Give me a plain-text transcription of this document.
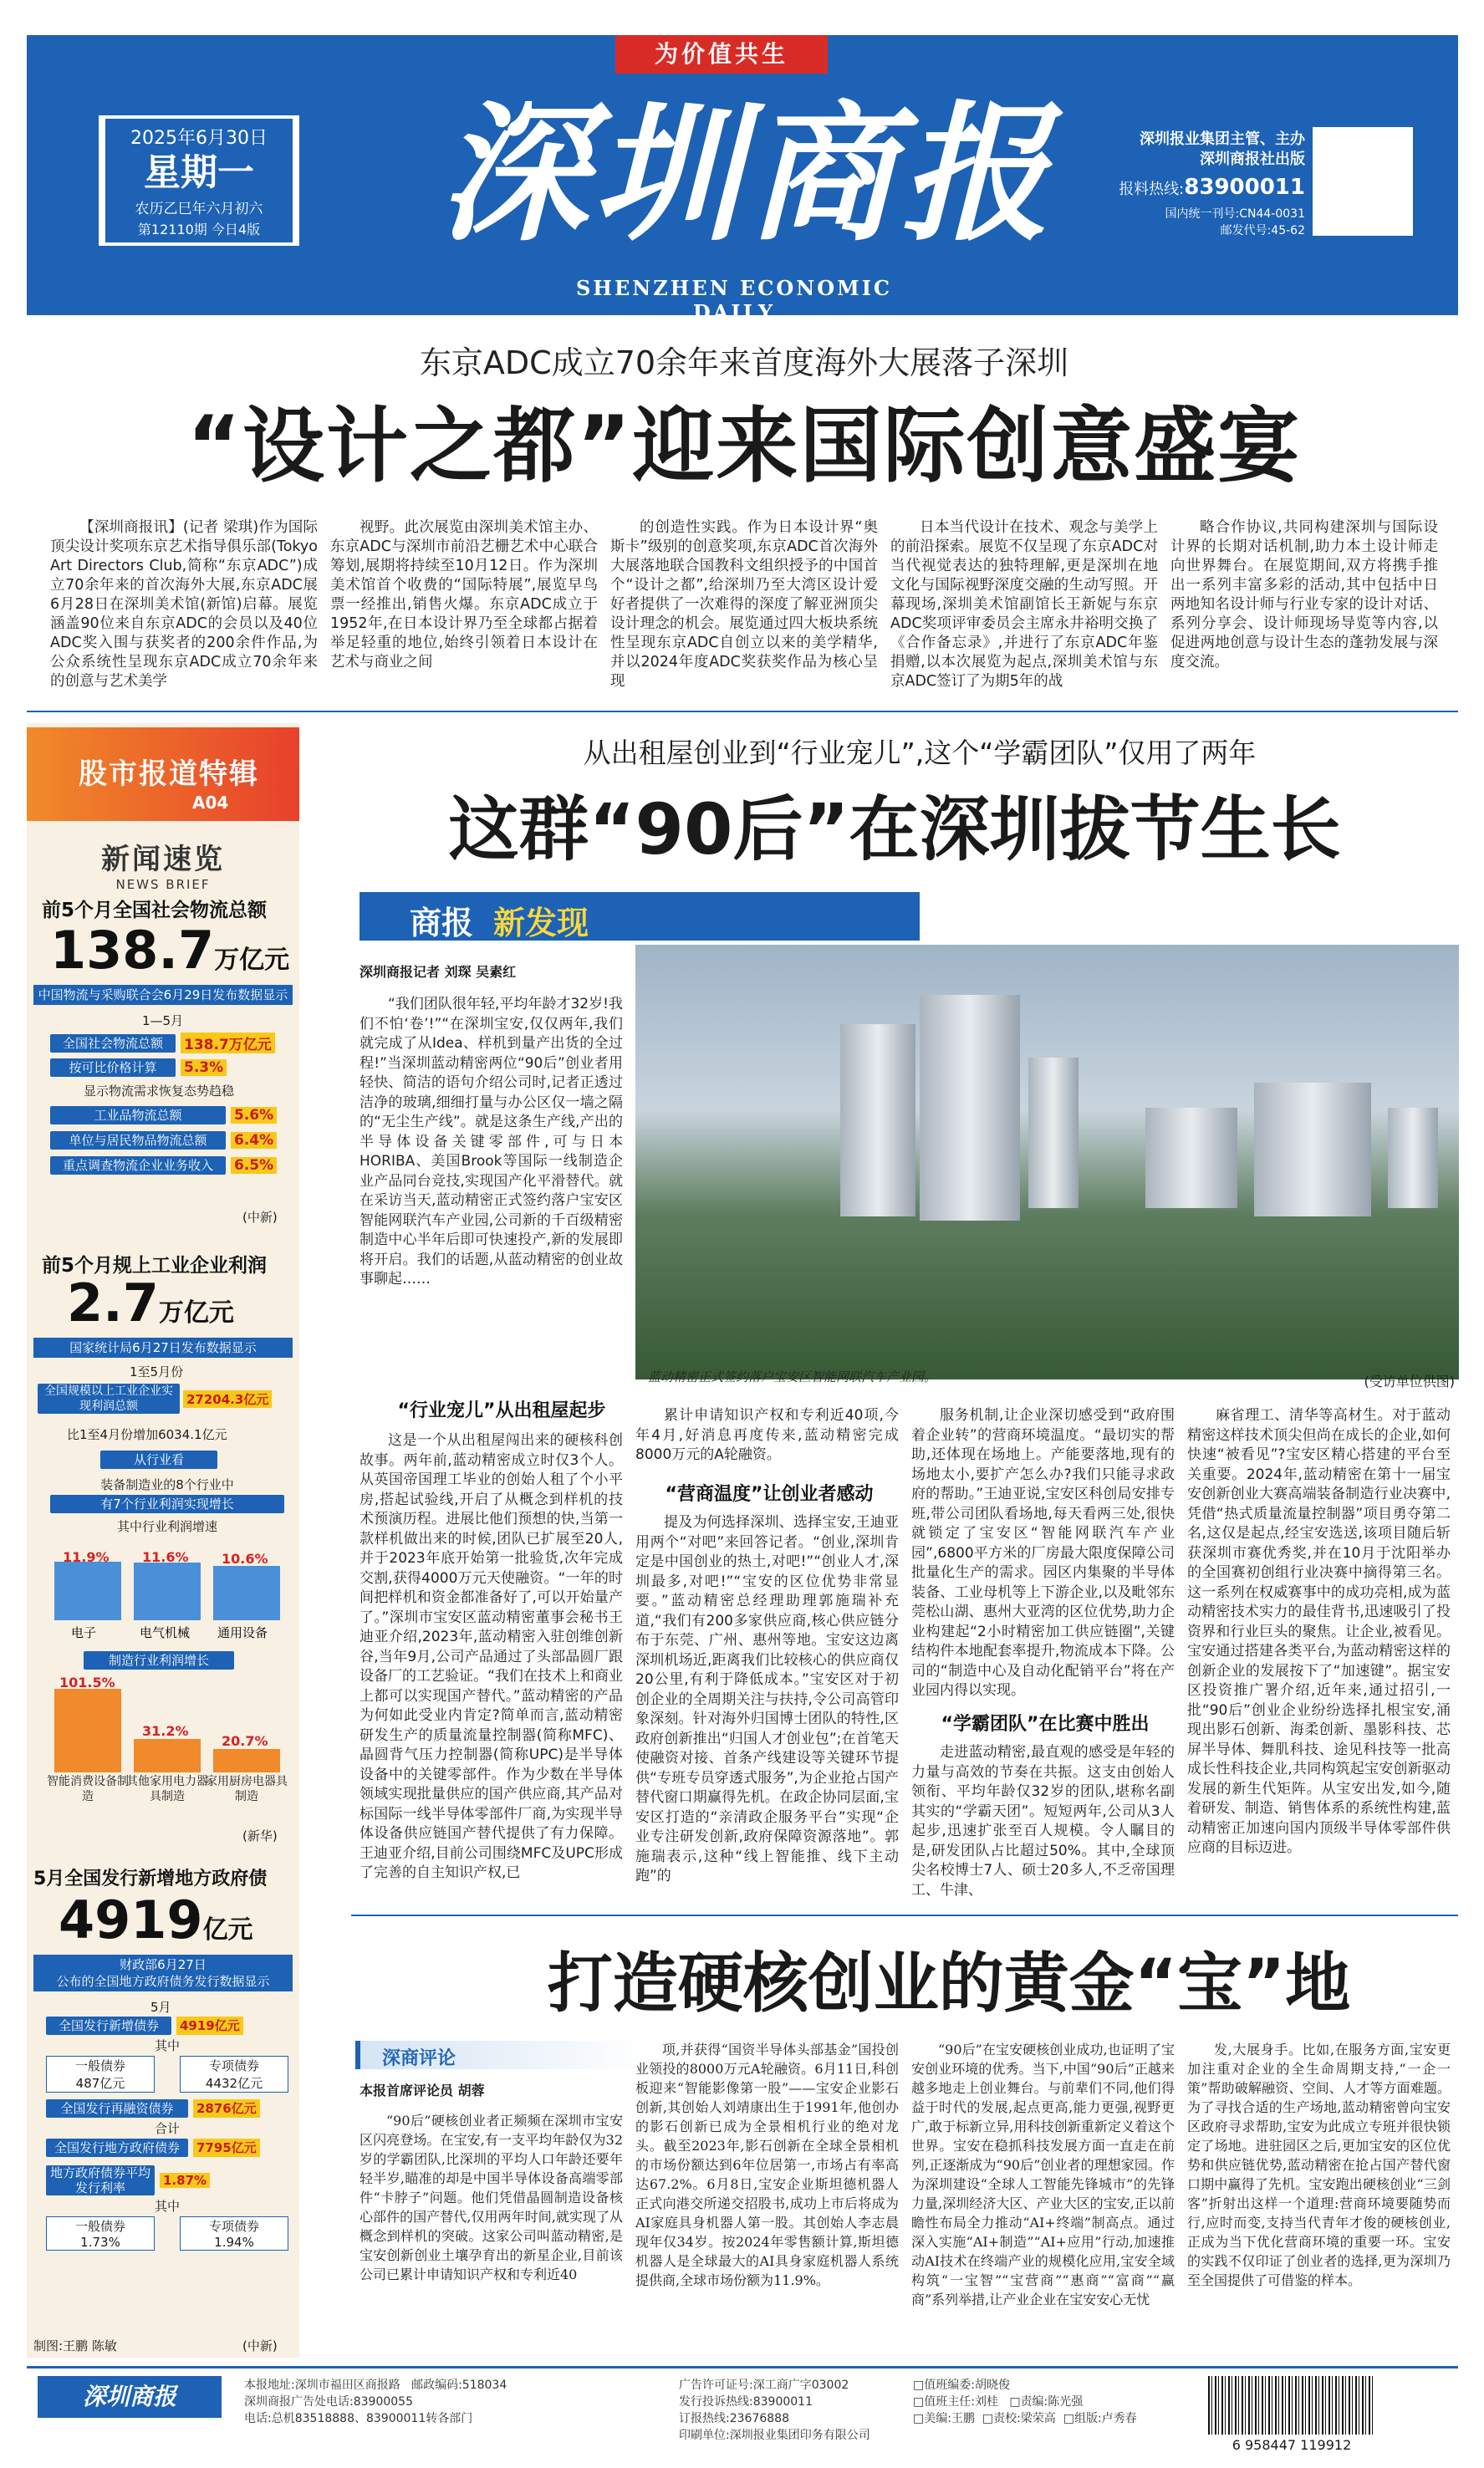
为价值共生
2025年6月30日
星期一
农历乙巳年六月初六
第12110期 今日4版 深圳商报
SHENZHEN ECONOMIC DAILY
深圳报业集团主管、主办
深圳商报社出版
报料热线:83900011
国内统一刊号:CN44-0031
邮发代号:45-62
东京ADC成立70余年来首度海外大展落子深圳
“设计之都”迎来国际创意盛宴

【深圳商报讯】(记者 梁琪)作为国际顶尖设计奖项东京艺术指导俱乐部(Tokyo Art Directors Club,简称“东京ADC”)成立70余年来的首次海外大展,东京ADC展6月28日在深圳美术馆(新馆)启幕。展览涵盖90位来自东京ADC的会员以及40位ADC奖入围与获奖者的200余件作品,为公众系统性呈现东京ADC成立70余年来的创意与艺术美学

视野。此次展览由深圳美术馆主办、东京ADC与深圳市前沿艺栅艺术中心联合筹划,展期将持续至10月12日。作为深圳美术馆首个收费的“国际特展”,展览早鸟票一经推出,销售火爆。东京ADC成立于1952年,在日本设计界乃至全球都占据着举足轻重的地位,始终引领着日本设计在艺术与商业之间

的创造性实践。作为日本设计界“奥斯卡”级别的创意奖项,东京ADC首次海外大展落地联合国教科文组织授予的中国首个“设计之都”,给深圳乃至大湾区设计爱好者提供了一次难得的深度了解亚洲顶尖设计理念的机会。展览通过四大板块系统性呈现东京ADC自创立以来的美学精华,并以2024年度ADC奖获奖作品为核心呈现

日本当代设计在技术、观念与美学上的前沿探索。展览不仅呈现了东京ADC对当代视觉表达的独特理解,更是深圳在地文化与国际视野深度交融的生动写照。开幕现场,深圳美术馆副馆长王新妮与东京ADC奖项评审委员会主席永井裕明交换了《合作备忘录》,并进行了东京ADC年鉴捐赠,以本次展览为起点,深圳美术馆与东京ADC签订了为期5年的战

略合作协议,共同构建深圳与国际设计界的长期对话机制,助力本土设计师走向世界舞台。在展览期间,双方将携手推出一系列丰富多彩的活动,其中包括中日两地知名设计师与行业专家的设计对话、系列分享会、设计师现场导览等内容,以促进两地创意与设计生态的蓬勃发展与深度交流。

股市报道特辑
A04
新闻速览
NEWS BRIEF
前5个月全国社会物流总额
138.7万亿元
中国物流与采购联合会6月29日发布数据显示
1—5月
全国社会物流总额	138.7万亿元
按可比价格计算	5.3%
显示物流需求恢复态势趋稳
工业品物流总额	5.6%
单位与居民物品物流总额	6.4%
重点调查物流企业业务收入	6.5%
(中新)
前5个月规上工业企业利润
2.7万亿元
国家统计局6月27日发布数据显示
1至5月份
全国规模以上工业企业实现利润总额	27204.3亿元
比1至4月份增加6034.1亿元
从行业看
装备制造业的8个行业中
有7个行业利润实现增长
其中行业利润增速
11.9%
电子
11.6%
电气机械
10.6%
通用设备
制造行业利润增长
101.5%
智能消费设备制造
31.2%
其他家用电力器具制造
20.7%
家用厨房电器具制造
(新华)
5月全国发行新增地方政府债
4919亿元
财政部6月27日
公布的全国地方政府债务发行数据显示
5月
全国发行新增债券	4919亿元
其中
一般债券
487亿元
专项债券
4432亿元
全国发行再融资债券	2876亿元
合计
全国发行地方政府债券	7795亿元
地方政府债券平均发行利率	1.87%
其中
一般债券
1.73%
专项债券
1.94%
制图:王鹏 陈敏	(中新)
从出租屋创业到“行业宠儿”,这个“学霸团队”仅用了两年
这群“90后”在深圳拔节生长
商报 新发现
深圳商报记者 刘琛 吴素红

“我们团队很年轻,平均年龄才32岁!我们不怕‘卷’!”“在深圳宝安,仅仅两年,我们就完成了从Idea、样机到量产出货的全过程!”当深圳蓝动精密两位“90后”创业者用轻快、简洁的语句介绍公司时,记者正透过洁净的玻璃,细细打量与办公区仅一墙之隔的“无尘生产线”。就是这条生产线,产出的半导体设备关键零部件,可与日本HORIBA、美国Brook等国际一线制造企业产品同台竞技,实现国产化平滑替代。就在采访当天,蓝动精密正式签约落户宝安区智能网联汽车产业园,公司新的千百级精密制造中心半年后即可快速投产,新的发展即将开启。我们的话题,从蓝动精密的创业故事聊起……

蓝动精密正式签约落户宝安区智能网联汽车产业园。	(受访单位供图)
“行业宠儿”从出租屋起步

这是一个从出租屋闯出来的硬核科创故事。两年前,蓝动精密成立时仅3个人。从英国帝国理工毕业的创始人租了个小平房,搭起试验线,开启了从概念到样机的技术预演历程。进展比他们预想的快,当第一款样机做出来的时候,团队已扩展至20人,并于2023年底开始第一批验货,次年完成交割,获得4000万元天使融资。“一年的时间把样机和资金都准备好了,可以开始量产了。”深圳市宝安区蓝动精密董事会秘书王迪亚介绍,2023年,蓝动精密入驻创维创新谷,当年9月,公司产品通过了头部晶圆厂跟设备厂的工艺验证。“我们在技术上和商业上都可以实现国产替代。”蓝动精密的产品为何如此受业内肯定?简单而言,蓝动精密研发生产的质量流量控制器(简称MFC)、晶圆背气压力控制器(简称UPC)是半导体设备中的关键零部件。作为少数在半导体领域实现批量供应的国产供应商,其产品对标国际一线半导体零部件厂商,为实现半导体设备供应链国产替代提供了有力保障。王迪亚介绍,目前公司围绕MFC及UPC形成了完善的自主知识产权,已

累计申请知识产权和专利近40项,今年4月,好消息再度传来,蓝动精密完成8000万元的A轮融资。

“营商温度”让创业者感动

提及为何选择深圳、选择宝安,王迪亚用两个“对吧”来回答记者。“创业,深圳肯定是中国创业的热土,对吧!”“创业人才,深圳最多,对吧!”“宝安的区位优势非常显要。”蓝动精密总经理助理郭施瑞补充道,“我们有200多家供应商,核心供应链分布于东莞、广州、惠州等地。宝安这边离深圳机场近,距离我们比较核心的供应商仅20公里,有利于降低成本。”宝安区对于初创企业的全周期关注与扶持,令公司高管印象深刻。针对海外归国博士团队的特性,区政府创新推出“归国人才创业包”;在首笔天使融资对接、首条产线建设等关键环节提供“专班专员穿透式服务”,为企业抢占国产替代窗口期赢得先机。在政企协同层面,宝安区打造的“亲清政企服务平台”实现“企业专注研发创新,政府保障资源落地”。郭施瑞表示,这种“线上智能推、线下主动跑”的

服务机制,让企业深切感受到“政府围着企业转”的营商环境温度。“最切实的帮助,还体现在场地上。产能要落地,现有的场地太小,要扩产怎么办?我们只能寻求政府的帮助。”王迪亚说,宝安区科创局安排专班,带公司团队看场地,每天看两三处,很快就锁定了宝安区“智能网联汽车产业园”,6800平方米的厂房最大限度保障公司批量化生产的需求。园区内集聚的半导体装备、工业母机等上下游企业,以及毗邻东莞松山湖、惠州大亚湾的区位优势,助力企业构建起“2小时精密加工供应链圈”,关键结构件本地配套率提升,物流成本下降。公司的“制造中心及自动化配销平台”将在产业园内得以实现。

“学霸团队”在比赛中胜出

走进蓝动精密,最直观的感受是年轻的力量与高效的节奏在共振。这支由创始人领衔、平均年龄仅32岁的团队,堪称名副其实的“学霸天团”。短短两年,公司从3人起步,迅速扩张至百人规模。令人瞩目的是,研发团队占比超过50%。其中,全球顶尖名校博士7人、硕士20多人,不乏帝国理工、牛津、

麻省理工、清华等高材生。对于蓝动精密这样技术顶尖但尚在成长的企业,如何快速“被看见”?宝安区精心搭建的平台至关重要。2024年,蓝动精密在第十一届宝安创新创业大赛高端装备制造行业决赛中,凭借“热式质量流量控制器”项目勇夺第二名,这仅是起点,经宝安选送,该项目随后斩获深圳市赛优秀奖,并在10月于沈阳举办的全国赛初创组行业决赛中摘得第三名。这一系列在权威赛事中的成功亮相,成为蓝动精密技术实力的最佳背书,迅速吸引了投资界和行业巨头的聚焦。让企业,被看见。宝安通过搭建各类平台,为蓝动精密这样的创新企业的发展按下了“加速键”。据宝安区投资推广署介绍,近年来,通过招引,一批“90后”创业企业纷纷选择扎根宝安,涌现出影石创新、海柔创新、墨影科技、芯屏半导体、舞肌科技、途见科技等一批高成长性科技企业,共同构筑起宝安创新驱动发展的新生代矩阵。从宝安出发,如今,随着研发、制造、销售体系的系统性构建,蓝动精密正加速向国内顶级半导体零部件供应商的目标迈进。

打造硬核创业的黄金“宝”地
深商评论
本报首席评论员 胡蓉

“90后”硬核创业者正频频在深圳市宝安区闪亮登场。在宝安,有一支平均年龄仅为32岁的学霸团队,比深圳的平均人口年龄还要年轻半岁,瞄准的却是中国半导体设备高端零部件“卡脖子”问题。他们凭借晶圆制造设备核心部件的国产替代,仅用两年时间,就实现了从概念到样机的突破。这家公司叫蓝动精密,是宝安创新创业土壤孕育出的新星企业,目前该公司已累计申请知识产权和专利近40

项,并获得“国资半导体头部基金”国投创业领投的8000万元A轮融资。6月11日,科创板迎来“智能影像第一股”——宝安企业影石创新,其创始人刘靖康出生于1991年,他创办的影石创新已成为全景相机行业的绝对龙头。截至2023年,影石创新在全球全景相机的市场份额达到6年位居第一,市场占有率高达67.2%。6月8日,宝安企业斯坦德机器人正式向港交所递交招股书,成功上市后将成为AI家庭具身机器人第一股。其创始人李志晨现年仅34岁。按2024年零售额计算,斯坦德机器人是全球最大的AI具身家庭机器人系统提供商,全球市场份额为11.9%。

“90后”在宝安硬核创业成功,也证明了宝安创业环境的优秀。当下,中国“90后”正越来越多地走上创业舞台。与前辈们不同,他们得益于时代的发展,起点更高,能力更强,视野更广,敢于标新立异,用科技创新重新定义着这个世界。宝安在稳抓科技发展方面一直走在前列,正逐渐成为“90后”创业者的理想家园。作为深圳建设“全球人工智能先锋城市”的先锋力量,深圳经济大区、产业大区的宝安,正以前瞻性布局全力推动“AI+终端”制高点。通过深入实施“AI+制造”“AI+应用”行动,加速推动AI技术在终端产业的规模化应用,宝安全域构筑“一宝智”“宝营商”“惠商”“富商”“赢商”系列举措,让产业企业在宝安安心无忧

发,大展身手。比如,在服务方面,宝安更加注重对企业的全生命周期支持,“一企一策”帮助破解融资、空间、人才等方面难题。为了寻找合适的生产场地,蓝动精密曾向宝安区政府寻求帮助,宝安为此成立专班并很快锁定了场地。进驻园区之后,更加宝安的区位优势和供应链优势,蓝动精密在抢占国产替代窗口期中赢得了先机。宝安跑出硬核创业“三剑客”折射出这样一个道理:营商环境要随势而行,应时而变,支持当代青年才俊的硬核创业,正成为当下优化营商环境的重要一环。宝安的实践不仅印证了创业者的选择,更为深圳乃至全国提供了可借鉴的样本。

本报地址:深圳市福田区商报路 邮政编码:518034
深圳商报广告处电话:83900055
电话:总机83518888、83900011转各部门
广告许可证号:深工商广字03002
发行投诉热线:83900011
订报热线:23676888
印刷单位:深圳报业集团印务有限公司
□值班编委:胡晓俊
□值班主任:刘桂 □责编:陈光强
□美编:王鹏 □责校:梁荣高 □组版:卢秀春
深圳商报
6 958447 119912
